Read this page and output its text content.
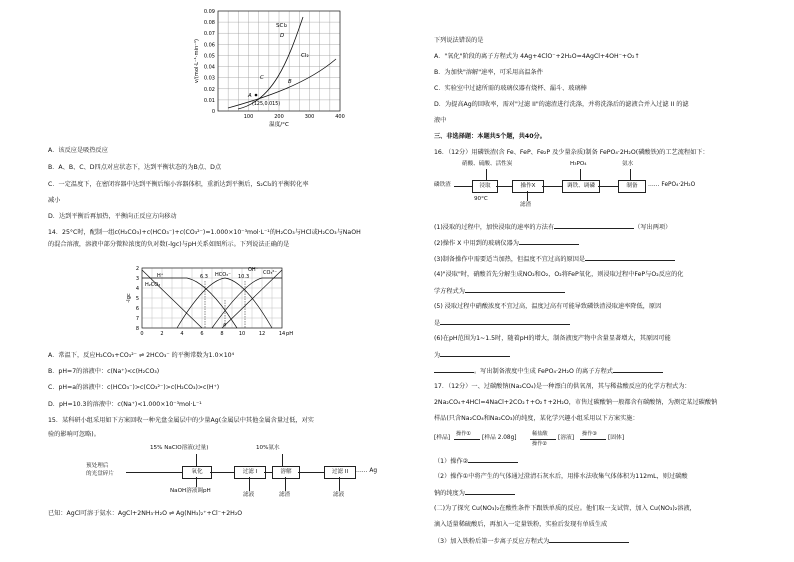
0.09
0.08
0.07
0.06
0.05
0.04
0.03
0.02
0.01
0
100	200	300	400
温度/°C
v/(mol·L⁻¹·min⁻¹)
SCl₂
D
Cl₂
B
C
A
(125,0.015)
A．该反应是吸热反应
B．A、B、C、D四点对应状态下，达到平衡状态的为B点、D点
C．一定温度下，在密闭容器中达到平衡后缩小容器体积，重新达到平衡后，S₂Cl₂的平衡转化率
减小
D．达到平衡后再加热，平衡向正反应方向移动
14．25°C时，配制一组c(H₂CO₃)+c(HCO₃⁻)+c(CO₃²⁻)=1.000×10⁻³mol·L⁻¹的H₂CO₃与HCl或H₂CO₃与NaOH
的混合溶液，溶液中部分微粒浓度的负对数(-lgc)与pH关系如图所示。下列说法正确的是
2
3
4
5
6
7
8
0	2	4	6	8	10	12	14 pH
-lgc
H⁺
H₂CO₃
HCO₃⁻	CO₃²⁻
OH⁻
6.3	10.3
a
A．常温下，反应H₂CO₃+CO₃²⁻ ⇌ 2HCO₃⁻ 的平衡常数为1.0×10⁴
B．pH=7的溶液中：c(Na⁺)<c(H₂CO₃)
C．pH=a的溶液中：c(HCO₃⁻)>c(CO₃²⁻)>c(H₂CO₃)>c(H⁺)
D．pH=10.3的溶液中：c(Na⁺)<1.000×10⁻³mol·L⁻¹
15．某科研小组采用如下方案回收一种光盘金属层中的少量Ag(金属层中其他金属含量过低，对实
验的影响可忽略)。
15% NaClO溶液(过量)	10%氨水
预处理后
的光盘碎片	氧化	过滤 I	溶解	过滤 II	…… Ag
NaOH溶液调pH
滤液	滤渣	滤液
已知：AgCl可溶于氨水：AgCl+2NH₃·H₂O ⇌ Ag(NH₃)₂⁺+Cl⁻+2H₂O
下列说法错误的是
A．"氧化"阶段的离子方程式为 4Ag+4ClO⁻+2H₂O=4AgCl+4OH⁻+O₂↑
B．为加快"溶解"速率，可采用高温条件
C．实验室中过滤所需的玻璃仪器有烧杯、漏斗、玻璃棒
D．为提高Ag的回收率，需对"过滤 II"的滤渣进行洗涤，并将洗涤后的滤液合并入过滤 II 的滤
液中
三、非选择题：本题共5个题，共40分。
16．（12分）用磷铁渣(含 Fe、FeP、Fe₂P 及少量杂质)制备 FePO₄·2H₂O(磷酸铁)的工艺流程如下：
硝酸、硫酸、活性炭	H₃PO₄	氨水
磷铁渣	浸取	操作X	调铁、调磷	制备	…… FePO₄·2H₂O
90°C
滤渣
(1)浸取的过程中，加快浸取的速率的方法有	（写出两项）
(2)操作 X 中用到的玻璃仪器为
(3)制备操作中需要适当加热，但温度不宜过高的原因是
(4)"浸取"时，硝酸首先分解生成NO₂和O₂，O₂将FeP氧化，则浸取过程中FeP与O₂反应的化
学方程式为
(5) 浸取过程中硝酸浓度不宜过高，温度过高有可能导致磷铁渣浸取速率降低，原因
是
(6)在pH范围为1~1.5时，随着pH的增大，制备液度产物中含量显著增大，其原因可能
为
。写出制备液度中生成 FePO₄·2H₂O 的离子方程式
17．（12分）一、过碳酸钠(Na₂CO₄)是一种漂白的供氧剂，其与稀盐酸反应的化学方程式为：
2Na₂CO₄+4HCl=4NaCl+2CO₂↑+O₂↑+2H₂O，市售过碳酸钠一般都含有碳酸钠，为测定某过碳酸钠
样品(只含Na₂CO₄和Na₂CO₃)的纯度，某化学兴趣小组采用以下方案实施：
[样品]
操作①
[样品 2.08g]
稀盐酸
操作②
[溶液]
操作③
[固体]
（1）操作②
（2）操作①中将产生的气体通过澄清石灰水后，用排水法收集气体体积为112mL，则过碳酸
钠的纯度为
(二)为了探究 Cu(NO₃)₂在酸性条件下跟铁单质的反应。他们取一支试管，加入 Cu(NO₃)₂溶液，
滴入适量稀硫酸后，再加入一定量铁粉，实验后发现有单质生成
（3）加入铁粉后第一步离子反应方程式为
